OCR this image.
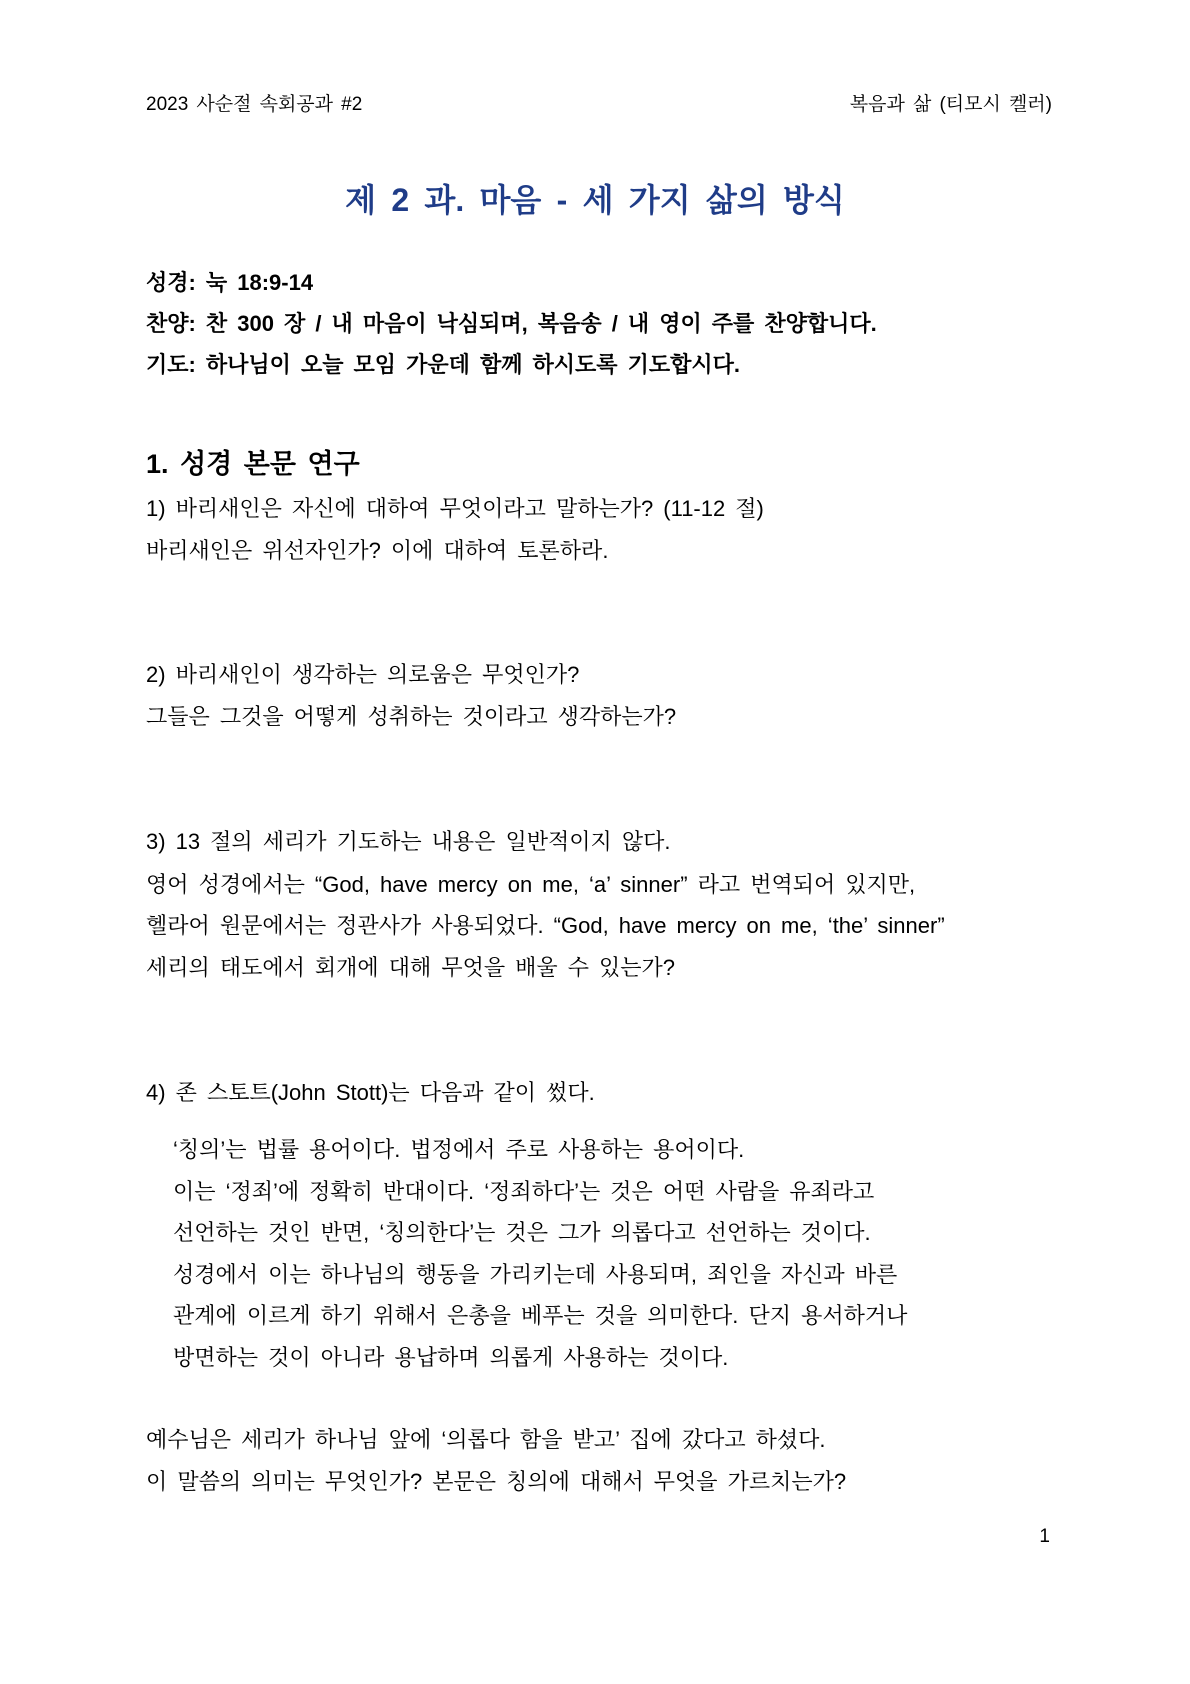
2023 사순절 속회공과 #2	복음과 삶 (티모시 켈러)
제 2 과. 마음 - 세 가지 삶의 방식
성경: 눅 18:9-14
찬양: 찬 300 장 / 내 마음이 낙심되며, 복음송 / 내 영이 주를 찬양합니다.
기도: 하나님이 오늘 모임 가운데 함께 하시도록 기도합시다.
1. 성경 본문 연구
1) 바리새인은 자신에 대하여 무엇이라고 말하는가? (11-12 절)
바리새인은 위선자인가? 이에 대하여 토론하라.
2) 바리새인이 생각하는 의로움은 무엇인가?
그들은 그것을 어떻게 성취하는 것이라고 생각하는가?
3) 13 절의 세리가 기도하는 내용은 일반적이지 않다.
영어 성경에서는 “God, have mercy on me, ‘a’ sinner” 라고 번역되어 있지만,
헬라어 원문에서는 정관사가 사용되었다. “God, have mercy on me, ‘the’ sinner”
세리의 태도에서 회개에 대해 무엇을 배울 수 있는가?
4) 존 스토트(John Stott)는 다음과 같이 썼다.
‘칭의’는 법률 용어이다. 법정에서 주로 사용하는 용어이다.
이는 ‘정죄’에 정확히 반대이다. ‘정죄하다’는 것은 어떤 사람을 유죄라고
선언하는 것인 반면, ‘칭의한다’는 것은 그가 의롭다고 선언하는 것이다.
성경에서 이는 하나님의 행동을 가리키는데 사용되며, 죄인을 자신과 바른
관계에 이르게 하기 위해서 은총을 베푸는 것을 의미한다. 단지 용서하거나
방면하는 것이 아니라 용납하며 의롭게 사용하는 것이다.
예수님은 세리가 하나님 앞에 ‘의롭다 함을 받고’ 집에 갔다고 하셨다.
이 말씀의 의미는 무엇인가? 본문은 칭의에 대해서 무엇을 가르치는가?
1
